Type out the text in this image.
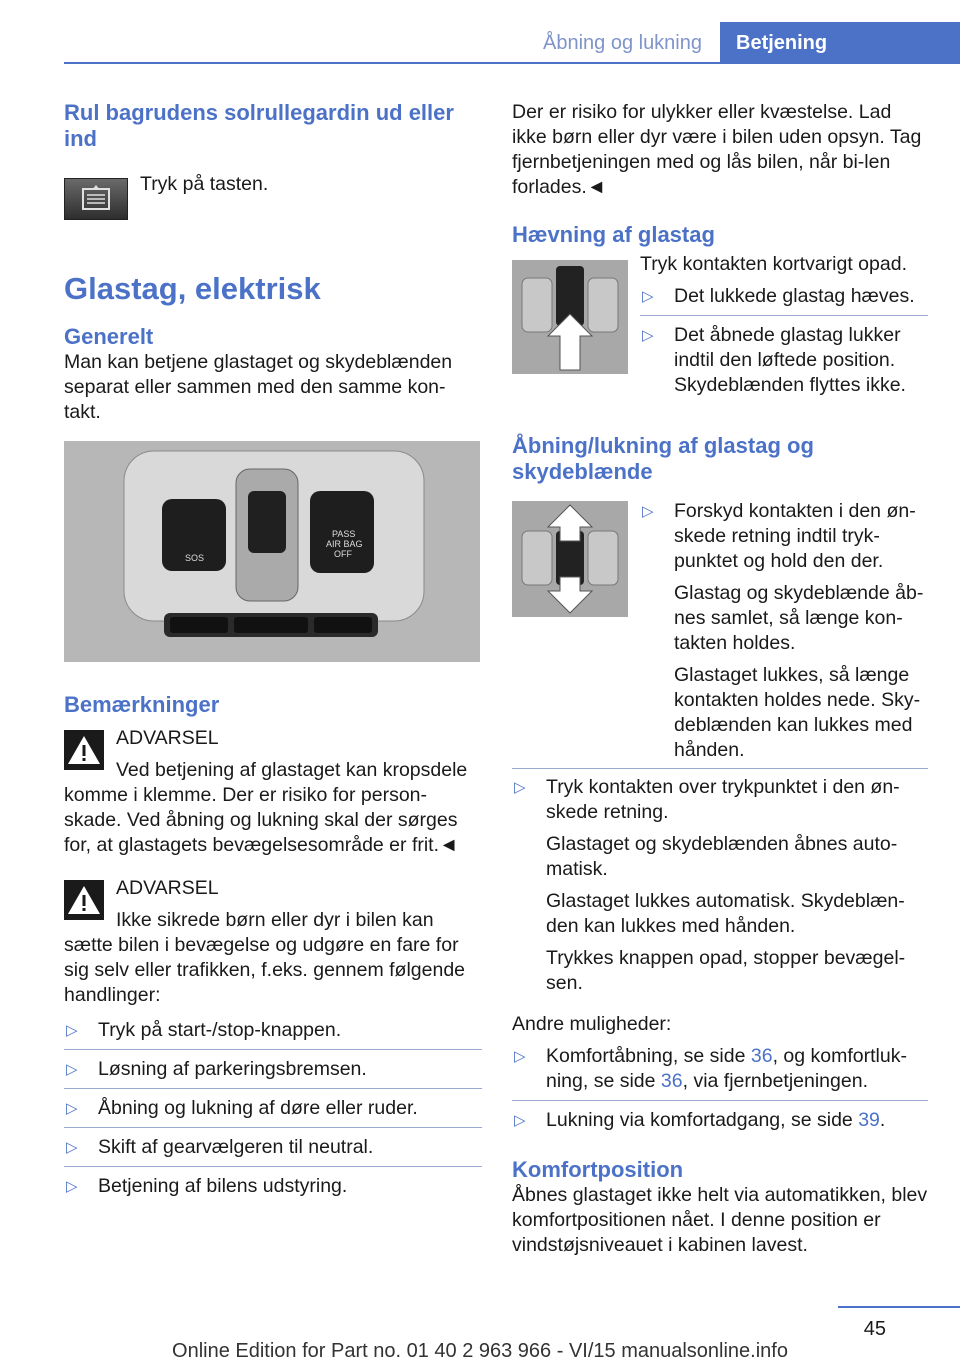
Åbning og lukning	Betjening
Rul bagrudens solrullegardin ud eller ind

Tryk på tasten.

Glastag, elektrisk
Generelt

Man kan betjene glastaget og skydeblænden separat eller sammen med den samme kon-takt.

SOS
PASS
AIR BAG
OFF
Bemærkninger

ADVARSEL

Ved betjening af glastaget kan kropsdele komme i klemme. Der er risiko for person-skade. Ved åbning og lukning skal der sørges for, at glastagets bevægelsesområde er frit.◄

ADVARSEL

Ikke sikrede børn eller dyr i bilen kan sætte bilen i bevægelse og udgøre en fare for sig selv eller trafikken, f.eks. gennem følgende handlinger:

▷ Tryk på start-/stop-knappen.
▷ Løsning af parkeringsbremsen.
▷ Åbning og lukning af døre eller ruder.
▷ Skift af gearvælgeren til neutral.
▷ Betjening af bilens udstyring.

Der er risiko for ulykker eller kvæstelse. Lad ikke børn eller dyr være i bilen uden opsyn. Tag fjernbetjeningen med og lås bilen, når bi-len forlades.◄

Hævning af glastag

Tryk kontakten kortvarigt opad.

▷ Det lukkede glastag hæves.
▷ Det åbnede glastag lukker indtil den løftede position. Skydeblænden flyttes ikke.
Åbning/lukning af glastag og skydeblænde
▷ Forskyd kontakten i den øn-skede retning indtil tryk-punktet og hold den der.

Glastag og skydeblænde åb-nes samlet, så længe kon-takten holdes.

Glastaget lukkes, så længe kontakten holdes nede. Sky-deblænden kan lukkes med hånden.

▷ Tryk kontakten over trykpunktet i den øn-skede retning.

Glastaget og skydeblænden åbnes auto-matisk.

Glastaget lukkes automatisk. Skydeblæn-den kan lukkes med hånden.

Trykkes knappen opad, stopper bevægel-sen.

Andre muligheder:

▷ Komfortåbning, se side 36, og komfortluk-ning, se side 36, via fjernbetjeningen.
▷ Lukning via komfortadgang, se side 39.
Komfortposition

Åbnes glastaget ikke helt via automatikken, blev komfortpositionen nået. I denne position er vindstøjsniveauet i kabinen lavest.

45
Online Edition for Part no. 01 40 2 963 966 - VI/15 manualsonline.info
